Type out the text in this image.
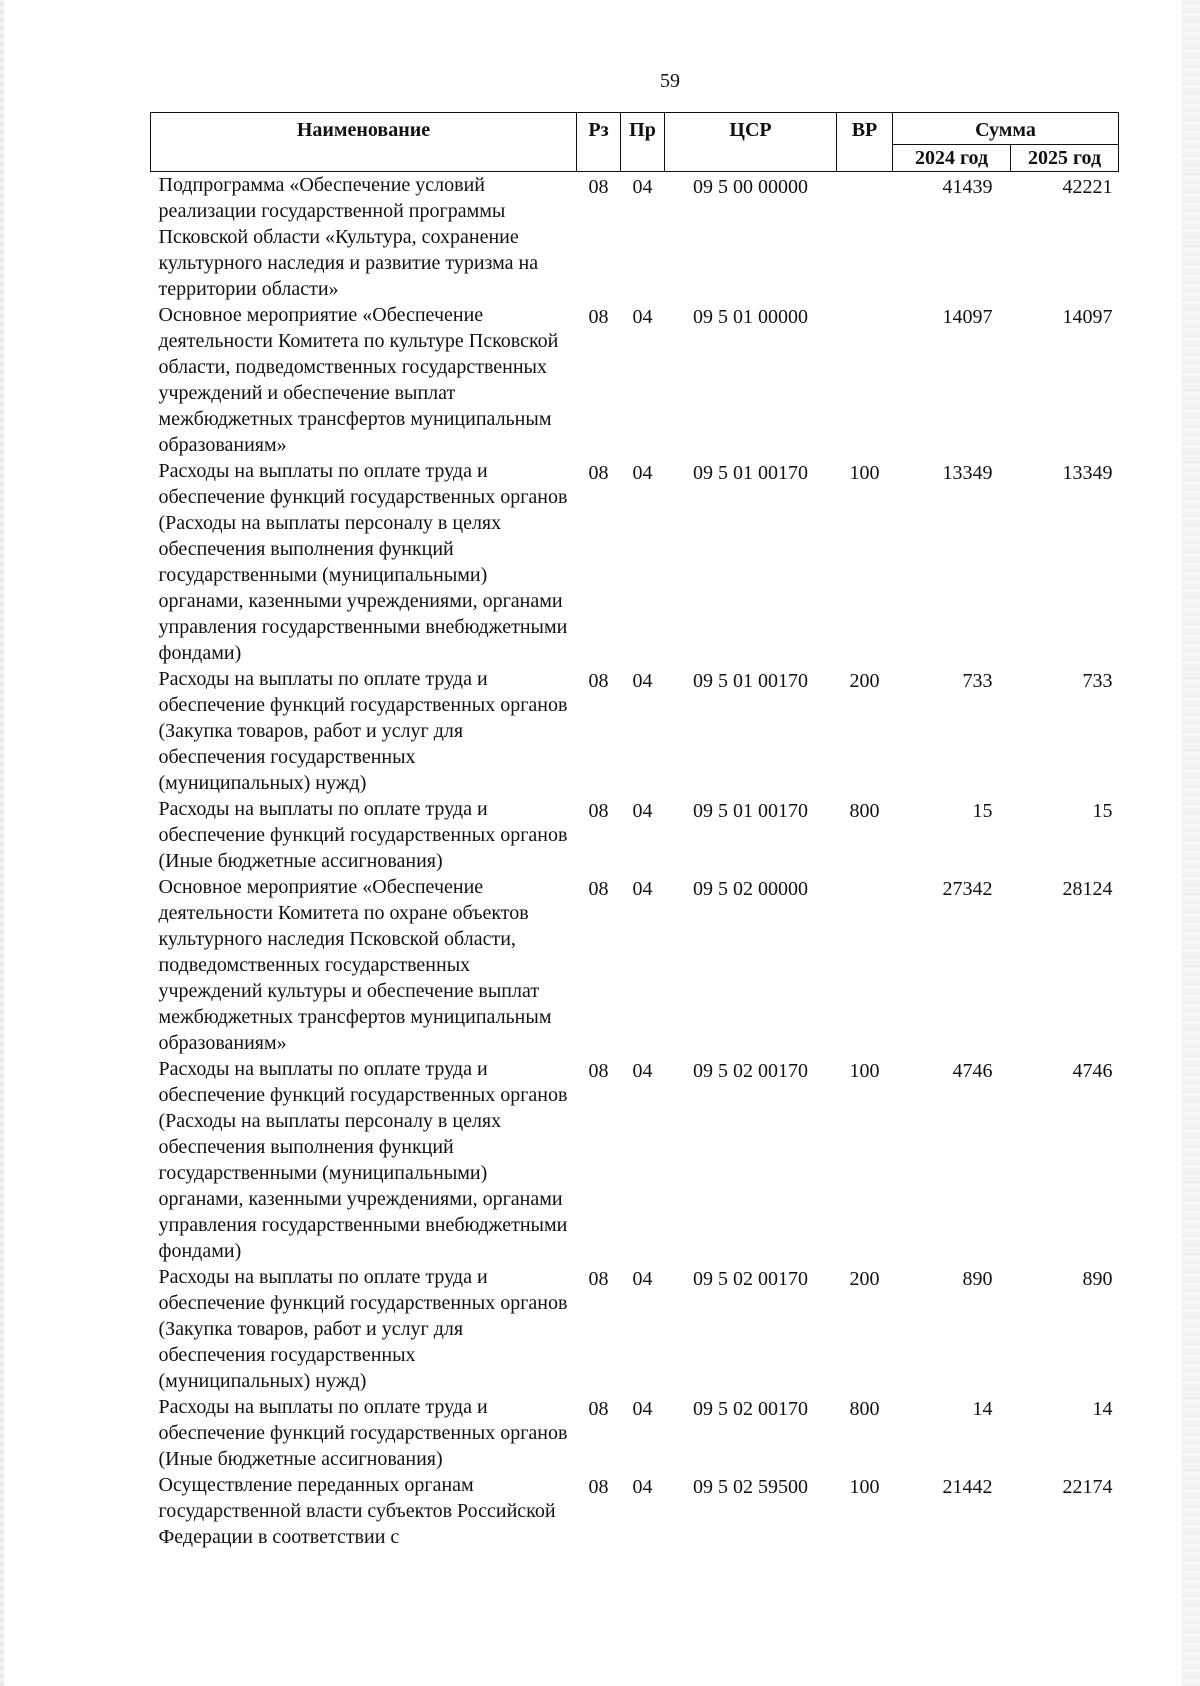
59
Наименование	Рз	Пр	ЦСР	ВР	Сумма	
					2024 год	2025 год
Подпрограмма «Обеспечение условий реализации государственной программы Псковской области «Культура, сохранение культурного наследия и развитие туризма на территории области»	08	04	09 5 00 00000		41439	42221
Основное мероприятие «Обеспечение деятельности Комитета по культуре Псковской области, подведомственных государственных учреждений и обеспечение выплат межбюджетных трансфертов муниципальным образованиям»	08	04	09 5 01 00000		14097	14097
Расходы на выплаты по оплате труда и обеспечение функций государственных органов (Расходы на выплаты персоналу в целях обеспечения выполнения функций государственными (муниципальными) органами, казенными учреждениями, органами управления государственными внебюджетными фондами)	08	04	09 5 01 00170	100	13349	13349
Расходы на выплаты по оплате труда и обеспечение функций государственных органов (Закупка товаров, работ и услуг для обеспечения государственных (муниципальных) нужд)	08	04	09 5 01 00170	200	733	733
Расходы на выплаты по оплате труда и обеспечение функций государственных органов (Иные бюджетные ассигнования)	08	04	09 5 01 00170	800	15	15
Основное мероприятие «Обеспечение деятельности Комитета по охране объектов культурного наследия Псковской области, подведомственных государственных учреждений культуры и обеспечение выплат межбюджетных трансфертов муниципальным образованиям»	08	04	09 5 02 00000		27342	28124
Расходы на выплаты по оплате труда и обеспечение функций государственных органов (Расходы на выплаты персоналу в целях обеспечения выполнения функций государственными (муниципальными) органами, казенными учреждениями, органами управления государственными внебюджетными фондами)	08	04	09 5 02 00170	100	4746	4746
Расходы на выплаты по оплате труда и обеспечение функций государственных органов (Закупка товаров, работ и услуг для обеспечения государственных (муниципальных) нужд)	08	04	09 5 02 00170	200	890	890
Расходы на выплаты по оплате труда и обеспечение функций государственных органов (Иные бюджетные ассигнования)	08	04	09 5 02 00170	800	14	14
Осуществление переданных органам государственной власти субъектов Российской Федерации в соответствии с	08	04	09 5 02 59500	100	21442	22174
